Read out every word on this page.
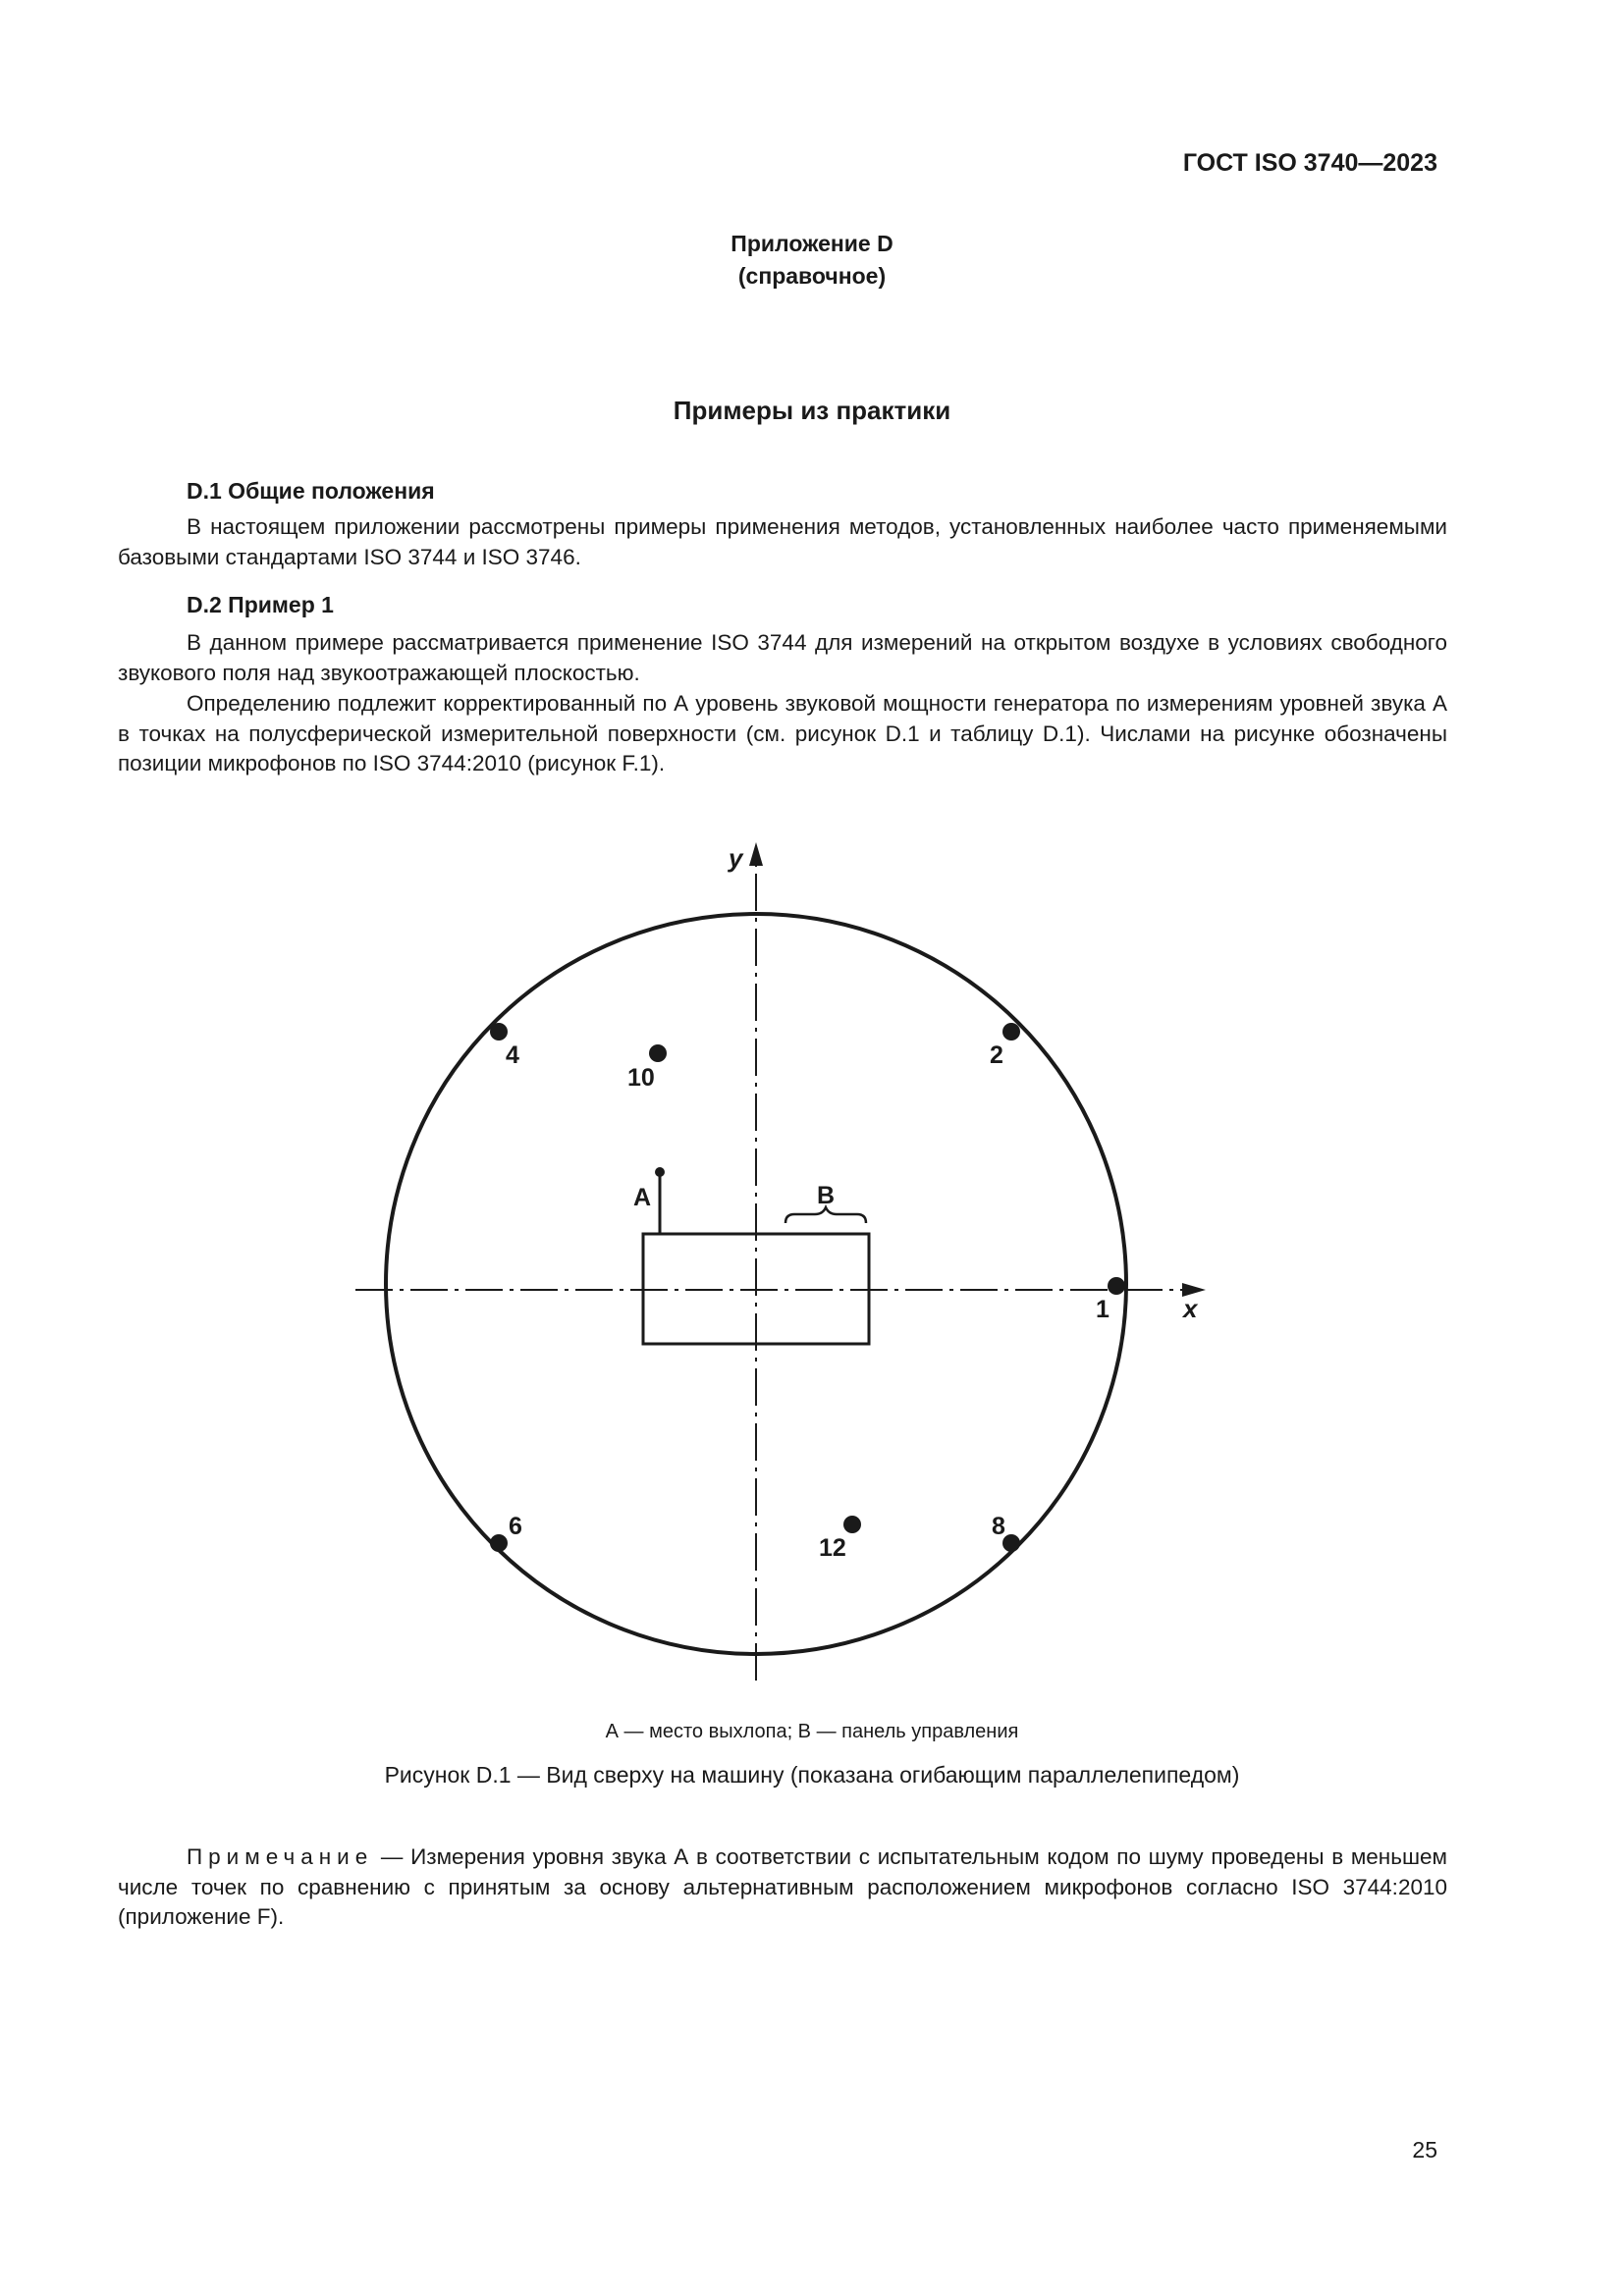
ГОСТ ISO 3740—2023
Приложение D
(справочное)
Примеры из практики
D.1 Общие положения
В настоящем приложении рассмотрены примеры применения методов, установленных наиболее часто применяемыми базовыми стандартами ISO 3744 и ISO 3746.
D.2 Пример 1
В данном примере рассматривается применение ISO 3744 для измерений на открытом воздухе в условиях свободного звукового поля над звукоотражающей плоскостью.
Определению подлежит корректированный по А уровень звуковой мощности генератора по измерениям уровней звука А в точках на полусферической измерительной поверхности (см. рисунок D.1 и таблицу D.1). Числами на рисунке обозначены позиции микрофонов по ISO 3744:2010 (рисунок F.1).
y
x
A	B
1
2
4
6	8
10
12
А — место выхлопа; В — панель управления
Рисунок D.1 — Вид сверху на машину (показана огибающим параллелепипедом)
Примечание — Измерения уровня звука А в соответствии с испытательным кодом по шуму проведены в меньшем числе точек по сравнению с принятым за основу альтернативным расположением микрофонов согласно ISO 3744:2010 (приложение F).
25
